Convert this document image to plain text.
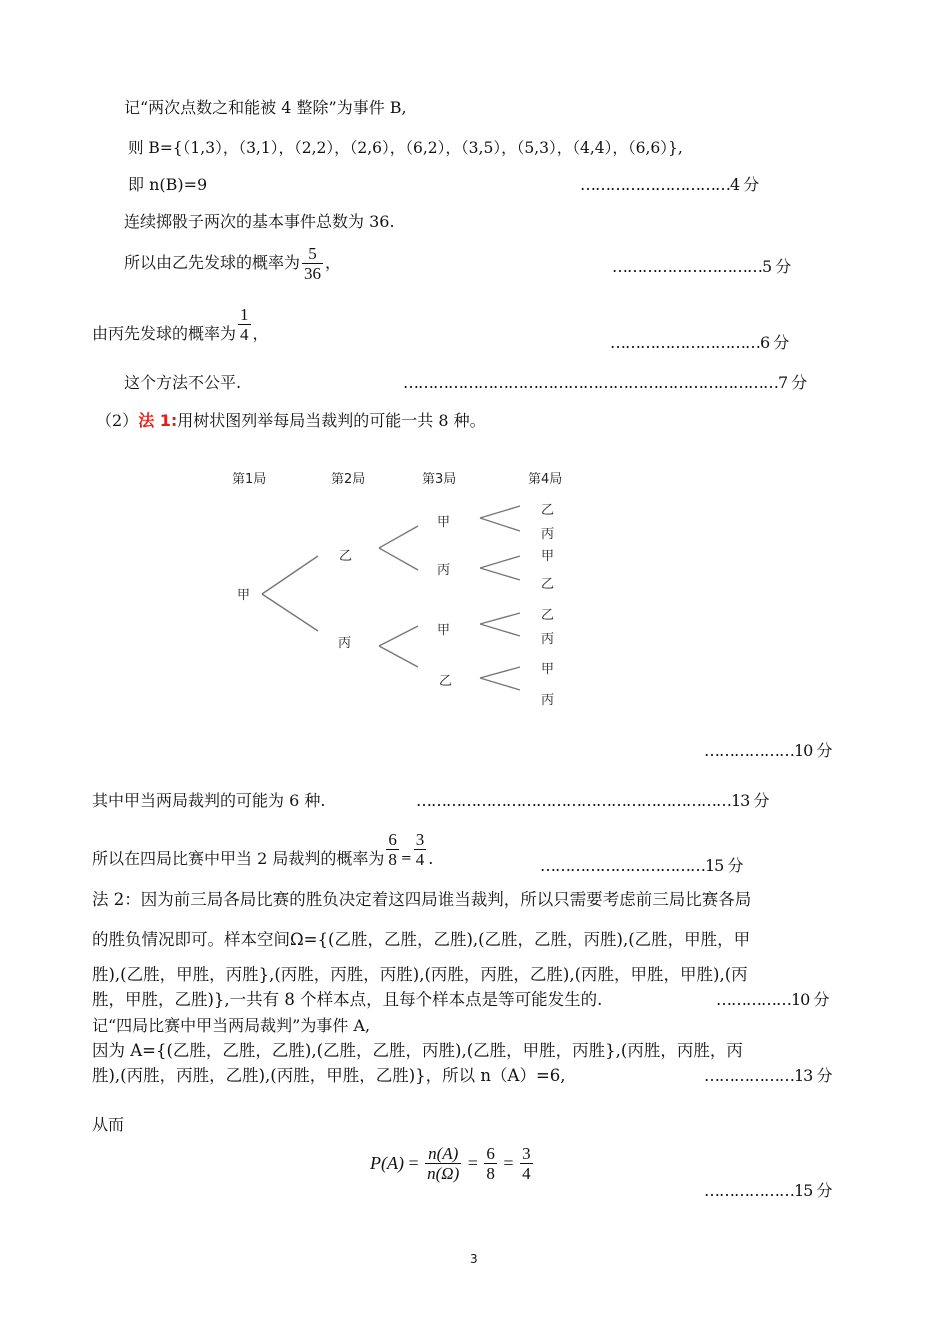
记“两次点数之和能被 4 整除”为事件 B,
则 B={（1,3），（3,1），（2,2），（2,6），（6,2），（3,5），（5,3），（4,4），（6,6）},
即 n(B)=9	…………………………4 分
连续掷骰子两次的基本事件总数为 36.
所以由乙先发球的概率为 $\frac{5}{36}$ ，	…………………………5 分
由丙先发球的概率为 $\frac{1}{4}$ ，	…………………………6 分
这个方法不公平.	…………………………………………………………………7 分
（2）法 1:用树状图列举每局当裁判的可能一共 8 种。
第1局	第2局	第3局	第4局
甲
乙
丙
甲
丙
甲
乙
乙
丙
甲
乙
乙
丙
甲
丙
………………10 分
其中甲当两局裁判的可能为 6 种.	………………………………………………………13 分
所以在四局比赛中甲当 2 局裁判的概率为 $\frac{6}{8} = \frac{3}{4}$ .	……………………………15 分
法 2：因为前三局各局比赛的胜负决定着这四局谁当裁判，所以只需要考虑前三局比赛各局
的胜负情况即可。样本空间Ω={(乙胜，乙胜，乙胜),(乙胜，乙胜，丙胜),(乙胜，甲胜，甲
胜),(乙胜，甲胜，丙胜},(丙胜，丙胜，丙胜),(丙胜，丙胜，乙胜),(丙胜，甲胜，甲胜),(丙
胜，甲胜，乙胜)},一共有 8 个样本点，且每个样本点是等可能发生的.	……………10 分
记“四局比赛中甲当两局裁判”为事件 A,
因为 A={(乙胜，乙胜，乙胜),(乙胜，乙胜，丙胜),(乙胜，甲胜，丙胜},(丙胜，丙胜，丙
胜),(丙胜，丙胜，乙胜),(丙胜，甲胜，乙胜)}，所以 n（A）=6,	………………13 分
从而
$P(A) = \frac{n(A)}{n(\Omega)} = \frac{6}{8} = \frac{3}{4}$
………………15 分
3
